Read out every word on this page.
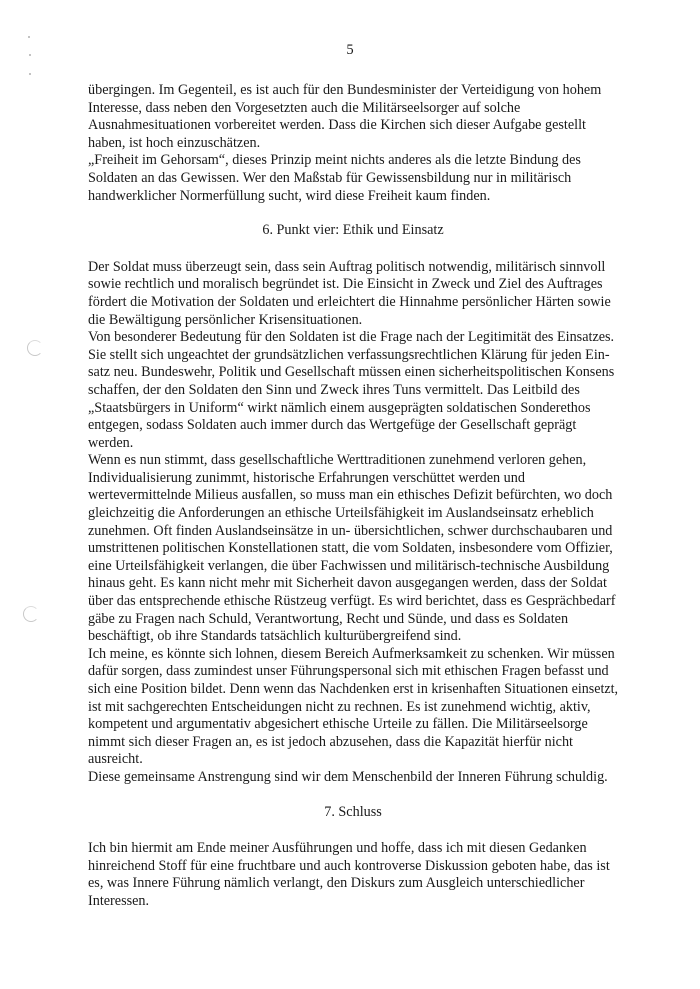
5
übergingen. Im Gegenteil, es ist auch für den Bundesminister der Verteidigung von hohem
Interesse, dass neben den Vorgesetzten auch die Militärseelsorger auf solche
Ausnahmesituationen vorbereitet werden. Dass die Kirchen sich dieser Aufgabe gestellt
haben, ist hoch einzuschätzen.
„Freiheit im Gehorsam“, dieses Prinzip meint nichts anderes als die letzte Bindung des
Soldaten an das Gewissen. Wer den Maßstab für Gewissensbildung nur in militärisch
handwerklicher Normerfüllung sucht, wird diese Freiheit kaum finden.
6. Punkt vier: Ethik und Einsatz
Der Soldat muss überzeugt sein, dass sein Auftrag politisch notwendig, militärisch sinnvoll
sowie rechtlich und moralisch begründet ist. Die Einsicht in Zweck und Ziel des Auftrages
fördert die Motivation der Soldaten und erleichtert die Hinnahme persönlicher Härten sowie
die Bewältigung persönlicher Krisensituationen.
Von besonderer Bedeutung für den Soldaten ist die Frage nach der Legitimität des Einsatzes.
Sie stellt sich ungeachtet der grundsätzlichen verfassungsrechtlichen Klärung für jeden Ein-
satz neu. Bundeswehr, Politik und Gesellschaft müssen einen sicherheitspolitischen Konsens
schaffen, der den Soldaten den Sinn und Zweck ihres Tuns vermittelt. Das Leitbild des
„Staatsbürgers in Uniform“ wirkt nämlich einem ausgeprägten soldatischen Sonderethos
entgegen, sodass Soldaten auch immer durch das Wertgefüge der Gesellschaft geprägt
werden.
Wenn es nun stimmt, dass gesellschaftliche Werttraditionen zunehmend verloren gehen,
Individualisierung zunimmt, historische Erfahrungen verschüttet werden und
wertevermittelnde Milieus ausfallen, so muss man ein ethisches Defizit befürchten, wo doch
gleichzeitig die Anforderungen an ethische Urteilsfähigkeit im Auslandseinsatz erheblich
zunehmen. Oft finden Auslandseinsätze in un- übersichtlichen, schwer durchschaubaren und
umstrittenen politischen Konstellationen statt, die vom Soldaten, insbesondere vom Offizier,
eine Urteilsfähigkeit verlangen, die über Fachwissen und militärisch-technische Ausbildung
hinaus geht. Es kann nicht mehr mit Sicherheit davon ausgegangen werden, dass der Soldat
über das entsprechende ethische Rüstzeug verfügt. Es wird berichtet, dass es Gesprächbedarf
gäbe zu Fragen nach Schuld, Verantwortung, Recht und Sünde, und dass es Soldaten
beschäftigt, ob ihre Standards tatsächlich kulturübergreifend sind.
Ich meine, es könnte sich lohnen, diesem Bereich Aufmerksamkeit zu schenken. Wir müssen
dafür sorgen, dass zumindest unser Führungspersonal sich mit ethischen Fragen befasst und
sich eine Position bildet. Denn wenn das Nachdenken erst in krisenhaften Situationen einsetzt,
ist mit sachgerechten Entscheidungen nicht zu rechnen. Es ist zunehmend wichtig, aktiv,
kompetent und argumentativ abgesichert ethische Urteile zu fällen. Die Militärseelsorge
nimmt sich dieser Fragen an, es ist jedoch abzusehen, dass die Kapazität hierfür nicht
ausreicht.
Diese gemeinsame Anstrengung sind wir dem Menschenbild der Inneren Führung schuldig.
7. Schluss
Ich bin hiermit am Ende meiner Ausführungen und hoffe, dass ich mit diesen Gedanken
hinreichend Stoff für eine fruchtbare und auch kontroverse Diskussion geboten habe, das ist
es, was Innere Führung nämlich verlangt, den Diskurs zum Ausgleich unterschiedlicher
Interessen.
